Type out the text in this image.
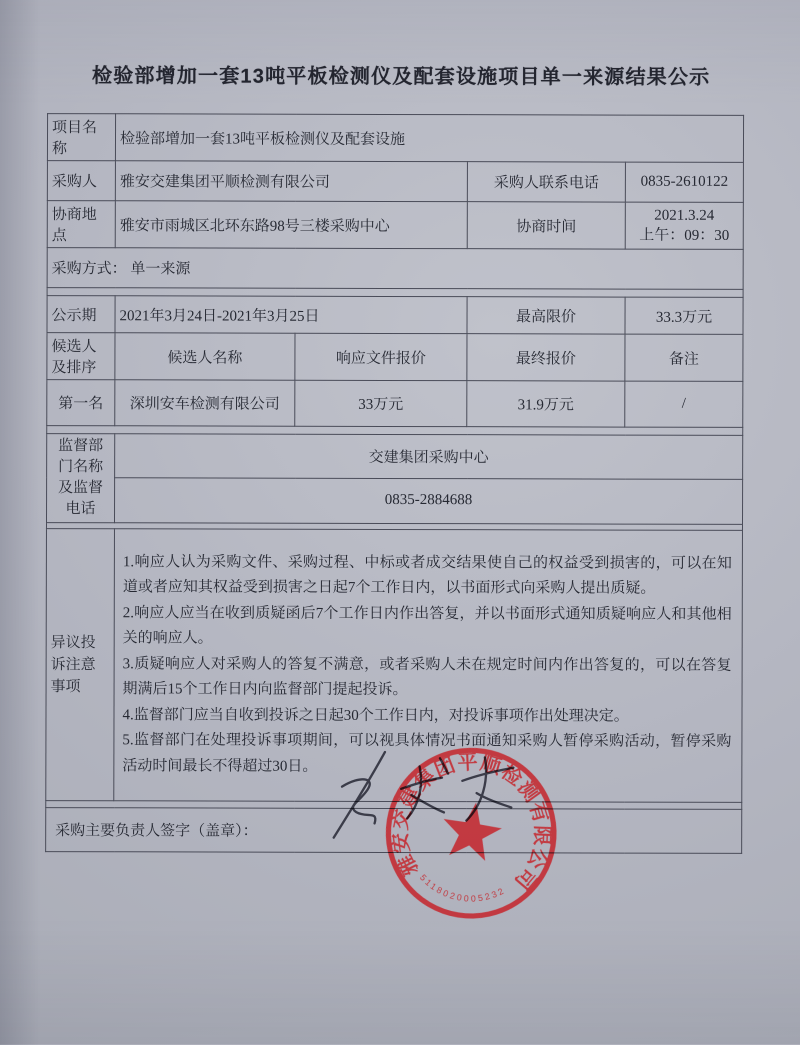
检验部增加一套13吨平板检测仪及配套设施项目单一来源结果公示
项目名称	检验部增加一套13吨平板检测仪及配套设施			
采购人	雅安交建集团平顺检测有限公司		采购人联系电话	0835-2610122
协商地点	雅安市雨城区北环东路98号三楼采购中心		协商时间	2021.3.24
上午：09：30

采购方式： 单一来源				

公示期	2021年3月24日-2021年3月25日		最高限价	33.3万元
候选人及排序	候选人名称	响应文件报价	最终报价	备注
第一名	深圳安车检测有限公司	33万元	31.9万元	/

监督部门名称及监督电话	交建集团采购中心			
	0835-2884688			

异议投诉注意事项	1.响应人认为采购文件、采购过程、中标或者成交结果使自己的权益受到损害的，可以在知道或者应知其权益受到损害之日起7个工作日内，以书面形式向采购人提出质疑。
2.响应人应当在收到质疑函后7个工作日内作出答复，并以书面形式通知质疑响应人和其他相关的响应人。
3.质疑响应人对采购人的答复不满意，或者采购人未在规定时间内作出答复的，可以在答复期满后15个工作日内向监督部门提起投诉。
4.监督部门应当自收到投诉之日起30个工作日内，对投诉事项作出处理决定。
5.监督部门在处理投诉事项期间，可以视具体情况书面通知采购人暂停采购活动，暂停采购活动时间最长不得超过30日。			

采购主要负责人签字（盖章）：				
雅安交建集团平顺检测有限公司
5118020005232
